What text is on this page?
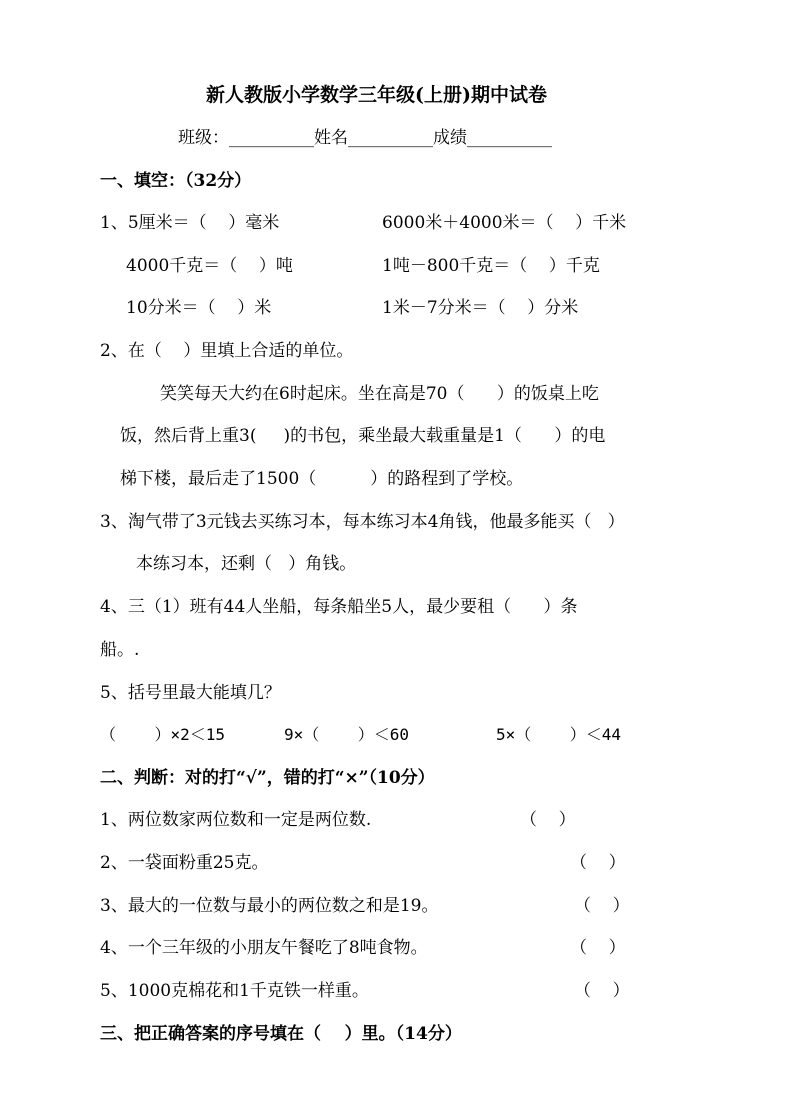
新人教版小学数学三年级(上册)期中试卷
班级：__________姓名__________成绩__________
一、填空：（32分）
1、5厘米＝（    ）毫米	6000米＋4000米＝（    ）千米
4000千克＝（    ）吨	1吨－800千克＝（    ）千克
10分米＝（    ）米	1米－7分米＝（    ）分米
2、在（    ）里填上合适的单位。
笑笑每天大约在6时起床。坐在高是70（      ）的饭桌上吃
饭，然后背上重3(     )的书包，乘坐最大载重量是1（      ）的电
梯下楼，最后走了1500（          ）的路程到了学校。
3、淘气带了3元钱去买练习本，每本练习本4角钱，他最多能买（   ）
本练习本，还剩（   ）角钱。
4、三（1）班有44人坐船，每条船坐5人，最少要租（      ）条
船。.
5、括号里最大能填几？
（    ）×2＜15	9×（    ）＜60	5×（    ）＜44
二、判断：对的打“√”，错的打“×”（10分）
1、两位数家两位数和一定是两位数.	（    ）
2、一袋面粉重25克。	（    ）
3、最大的一位数与最小的两位数之和是19。	（    ）
4、一个三年级的小朋友午餐吃了8吨食物。	（    ）
5、1000克棉花和1千克铁一样重。	（    ）
三、把正确答案的序号填在（    ）里。（14分）
